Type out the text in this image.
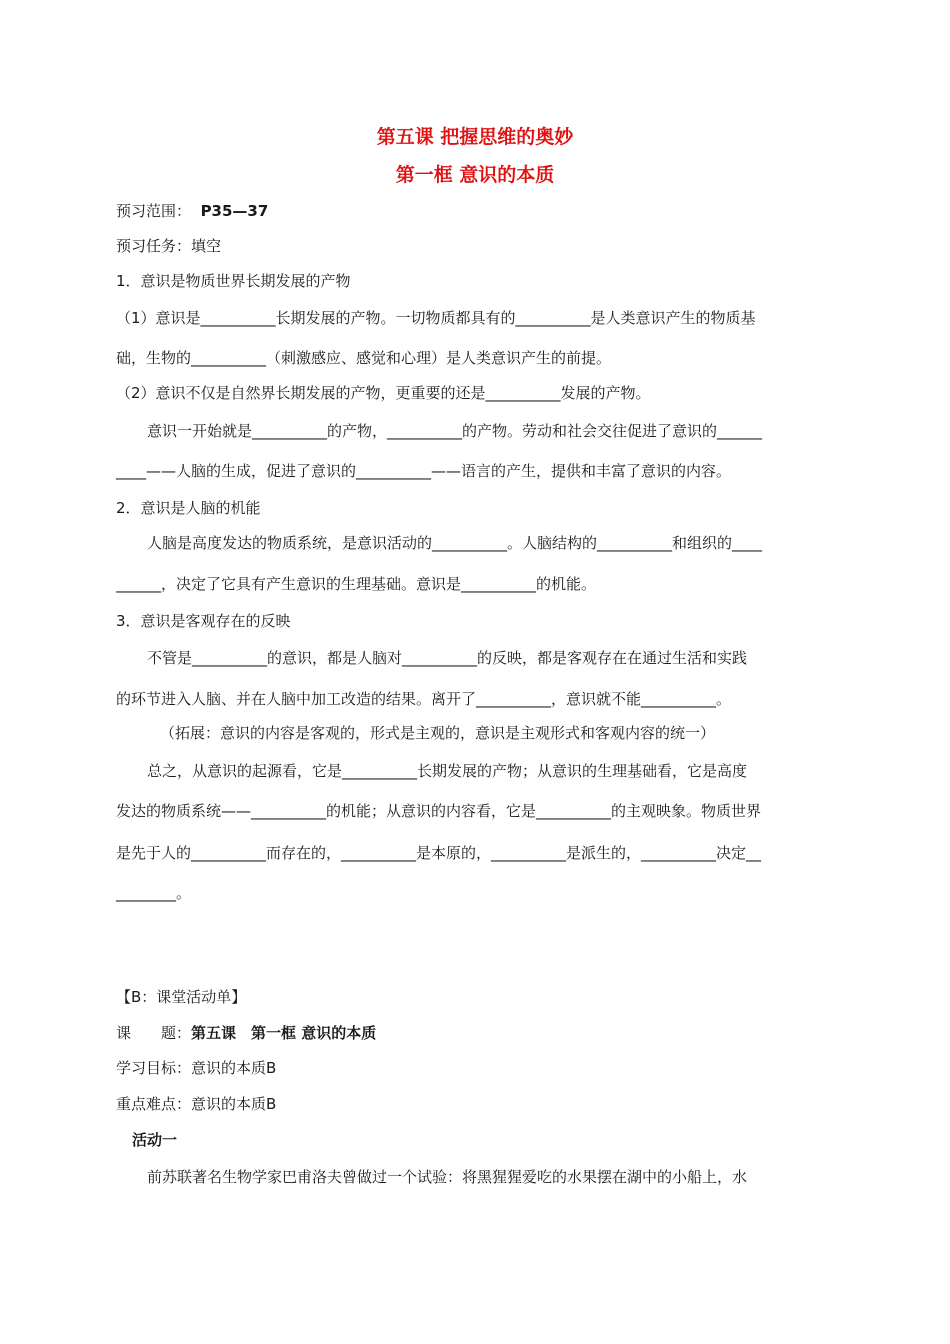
第五课 把握思维的奥妙
第一框 意识的本质
预习范围： P35—37
预习任务：填空
1．意识是物质世界长期发展的产物
（1）意识是__________长期发展的产物。一切物质都具有的__________是人类意识产生的物质基
础，生物的__________（刺激感应、感觉和心理）是人类意识产生的前提。
（2）意识不仅是自然界长期发展的产物，更重要的还是__________发展的产物。
意识一开始就是__________的产物，__________的产物。劳动和社会交往促进了意识的______
____——人脑的生成，促进了意识的__________——语言的产生，提供和丰富了意识的内容。
2．意识是人脑的机能
人脑是高度发达的物质系统，是意识活动的__________。人脑结构的__________和组织的____
______，决定了它具有产生意识的生理基础。意识是__________的机能。
3．意识是客观存在的反映
不管是__________的意识，都是人脑对__________的反映，都是客观存在在通过生活和实践
的环节进入人脑、并在人脑中加工改造的结果。离开了__________，意识就不能__________。
（拓展：意识的内容是客观的，形式是主观的，意识是主观形式和客观内容的统一）
总之，从意识的起源看，它是__________长期发展的产物；从意识的生理基础看，它是高度
发达的物质系统——__________的机能；从意识的内容看，它是__________的主观映象。物质世界
是先于人的__________而存在的，__________是本原的，__________是派生的，__________决定__
________。
【B：课堂活动单】
课　　题：第五课　第一框 意识的本质
学习目标：意识的本质B
重点难点：意识的本质B
活动一
前苏联著名生物学家巴甫洛夫曾做过一个试验：将黑猩猩爱吃的水果摆在湖中的小船上，水
